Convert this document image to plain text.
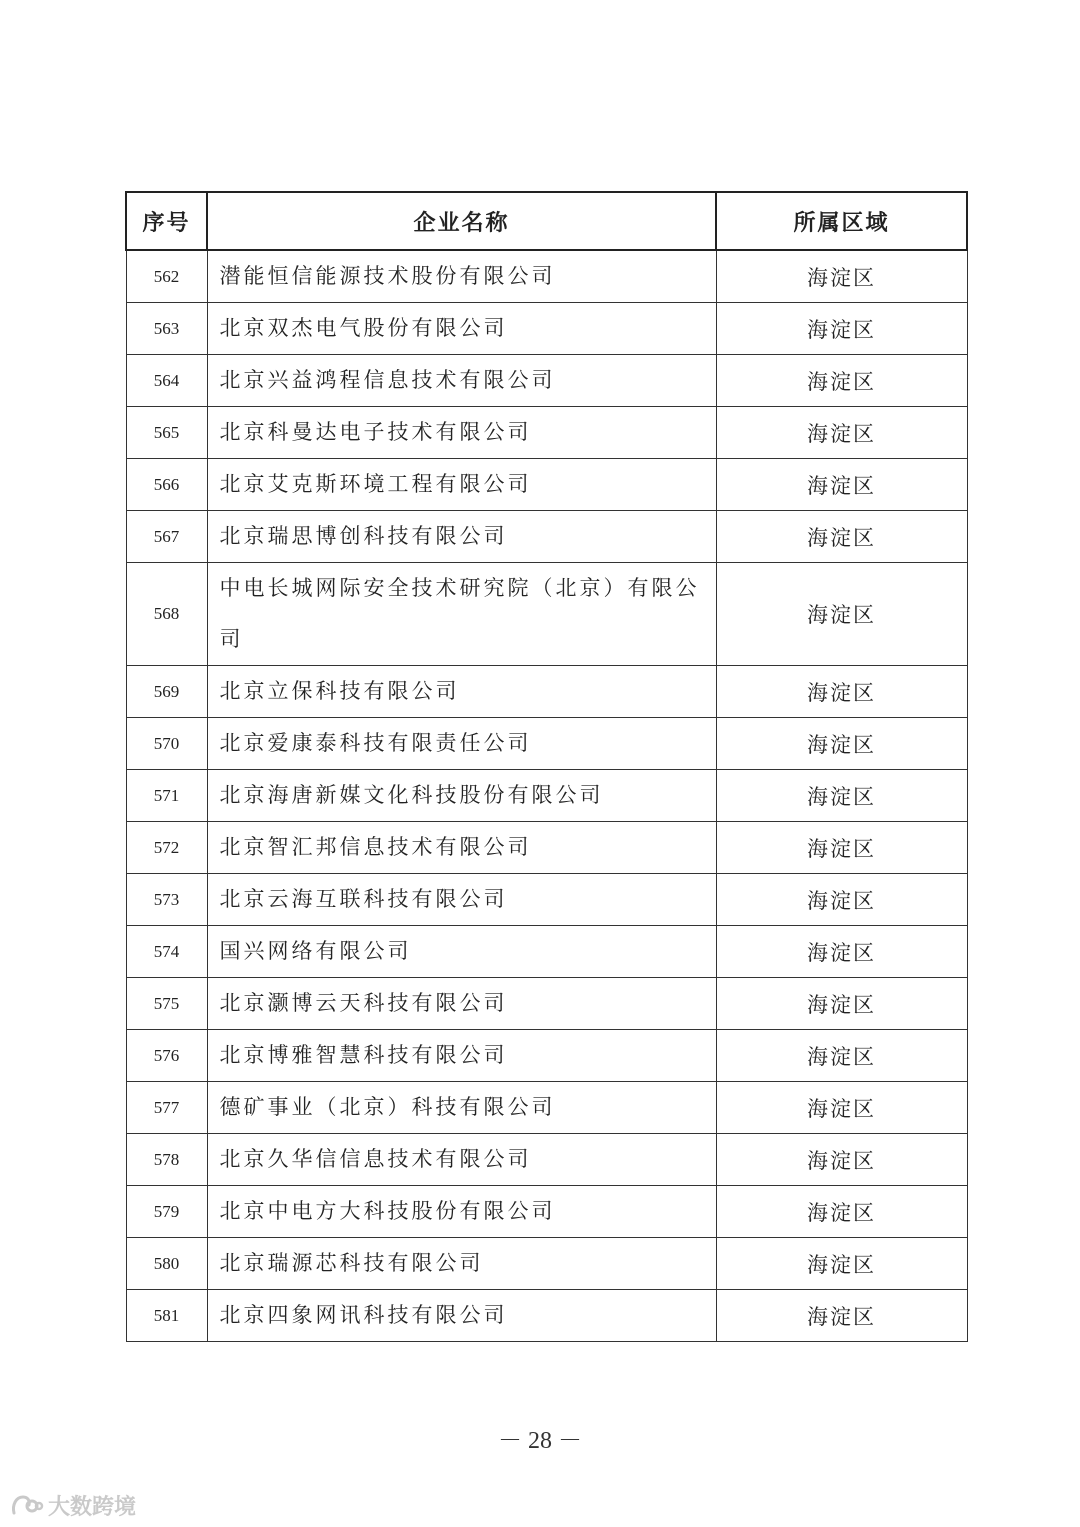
序号	企业名称	所属区域
562	潜能恒信能源技术股份有限公司	海淀区
563	北京双杰电气股份有限公司	海淀区
564	北京兴益鸿程信息技术有限公司	海淀区
565	北京科曼达电子技术有限公司	海淀区
566	北京艾克斯环境工程有限公司	海淀区
567	北京瑞思博创科技有限公司	海淀区
568	中电长城网际安全技术研究院（北京）有限公司	海淀区
569	北京立保科技有限公司	海淀区
570	北京爱康泰科技有限责任公司	海淀区
571	北京海唐新媒文化科技股份有限公司	海淀区
572	北京智汇邦信息技术有限公司	海淀区
573	北京云海互联科技有限公司	海淀区
574	国兴网络有限公司	海淀区
575	北京灏博云天科技有限公司	海淀区
576	北京博雅智慧科技有限公司	海淀区
577	德矿事业（北京）科技有限公司	海淀区
578	北京久华信信息技术有限公司	海淀区
579	北京中电方大科技股份有限公司	海淀区
580	北京瑞源芯科技有限公司	海淀区
581	北京四象网讯科技有限公司	海淀区
－ 28 －
大数跨境
